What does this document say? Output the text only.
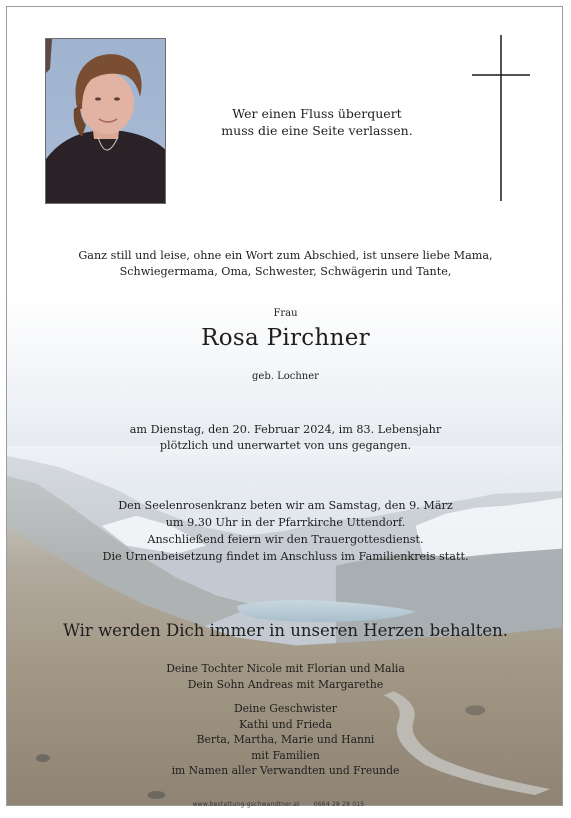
Wer einen Fluss überquert
muss die eine Seite verlassen.
Ganz still und leise, ohne ein Wort zum Abschied, ist unsere liebe Mama,
Schwiegermama, Oma, Schwester, Schwägerin und Tante,
Frau
Rosa Pirchner
geb. Lochner
am Dienstag, den 20. Februar 2024, im 83. Lebensjahr
plötzlich und unerwartet von uns gegangen.
Den Seelenrosenkranz beten wir am Samstag, den 9. März
um 9.30 Uhr in der Pfarrkirche Uttendorf.
Anschließend feiern wir den Trauergottesdienst.
Die Urnenbeisetzung findet im Anschluss im Familienkreis statt.
Wir werden Dich immer in unseren Herzen behalten.
Deine Tochter Nicole mit Florian und Malia
Dein Sohn Andreas mit Margarethe
Deine Geschwister
Kathi und Frieda
Berta, Martha, Marie und Hanni
mit Familien
im Namen aller Verwandten und Freunde
www.bestattung-gschwandtner.at 0664 28 28 015
